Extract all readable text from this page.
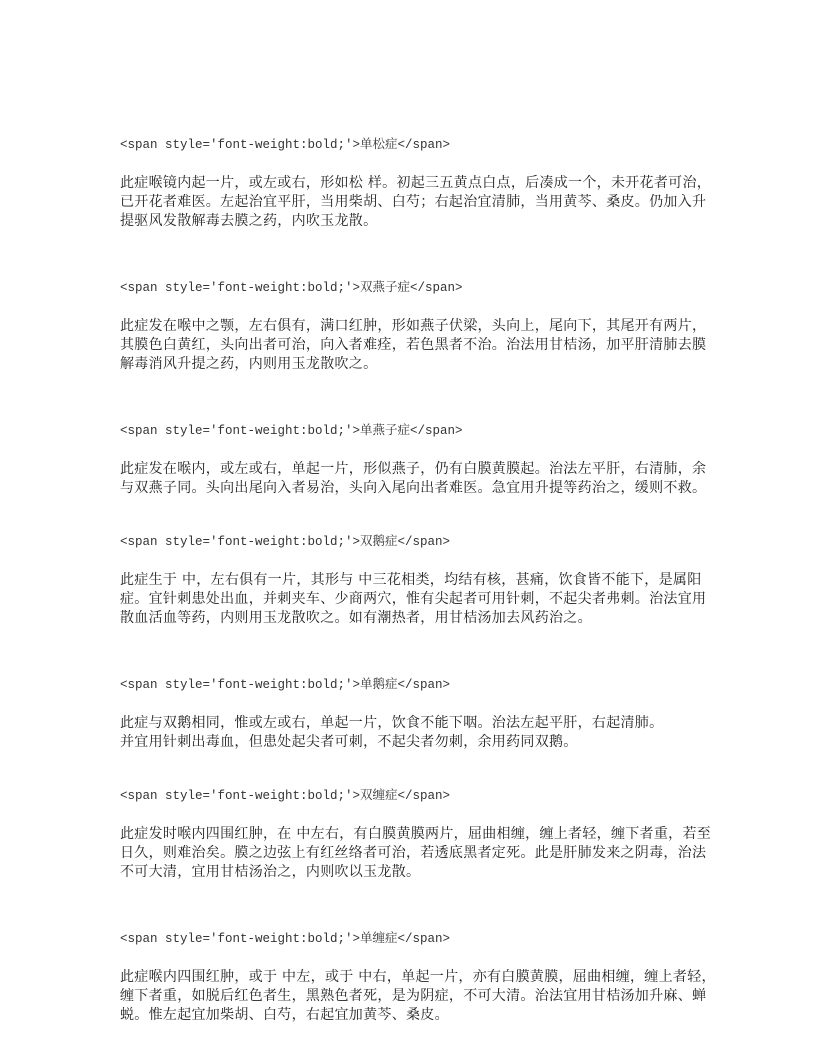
<span style='font-weight:bold;'>单松症</span>

此症喉镜内起一片，或左或右，形如松 样。初起三五黄点白点，后凑成一个，未开花者可治，
已开花者难医。左起治宜平肝，当用柴胡、白芍；右起治宜清肺，当用黄芩、桑皮。仍加入升
提驱风发散解毒去膜之药，内吹玉龙散。

<span style='font-weight:bold;'>双燕子症</span>

此症发在喉中之颚，左右俱有，满口红肿，形如燕子伏梁，头向上，尾向下，其尾开有两片，
其膜色白黄红，头向出者可治，向入者难痊，若色黑者不治。治法用甘桔汤，加平肝清肺去膜
解毒消风升提之药，内则用玉龙散吹之。

<span style='font-weight:bold;'>单燕子症</span>

此症发在喉内，或左或右，单起一片，形似燕子，仍有白膜黄膜起。治法左平肝，右清肺，余
与双燕子同。头向出尾向入者易治，头向入尾向出者难医。急宜用升提等药治之，缓则不救。

<span style='font-weight:bold;'>双鹅症</span>

此症生于 中，左右俱有一片，其形与 中三花相类，均结有核，甚痛，饮食皆不能下，是属阳
症。宜针刺患处出血，并刺夹车、少商两穴，惟有尖起者可用针刺，不起尖者弗刺。治法宜用
散血活血等药，内则用玉龙散吹之。如有潮热者，用甘桔汤加去风药治之。

<span style='font-weight:bold;'>单鹅症</span>

此症与双鹅相同，惟或左或右，单起一片，饮食不能下咽。治法左起平肝，右起清肺。
并宜用针刺出毒血，但患处起尖者可刺，不起尖者勿刺，余用药同双鹅。

<span style='font-weight:bold;'>双缠症</span>

此症发时喉内四围红肿，在 中左右，有白膜黄膜两片，屈曲相缠，缠上者轻，缠下者重，若至
日久，则难治矣。膜之边弦上有红丝络者可治，若透底黑者定死。此是肝肺发来之阴毒，治法
不可大清，宜用甘桔汤治之，内则吹以玉龙散。

<span style='font-weight:bold;'>单缠症</span>

此症喉内四围红肿，或于 中左，或于 中右，单起一片，亦有白膜黄膜，屈曲相缠，缠上者轻，
缠下者重，如脱后红色者生，黑熟色者死，是为阴症，不可大清。治法宜用甘桔汤加升麻、蝉
蜕。惟左起宜加柴胡、白芍，右起宜加黄芩、桑皮。
